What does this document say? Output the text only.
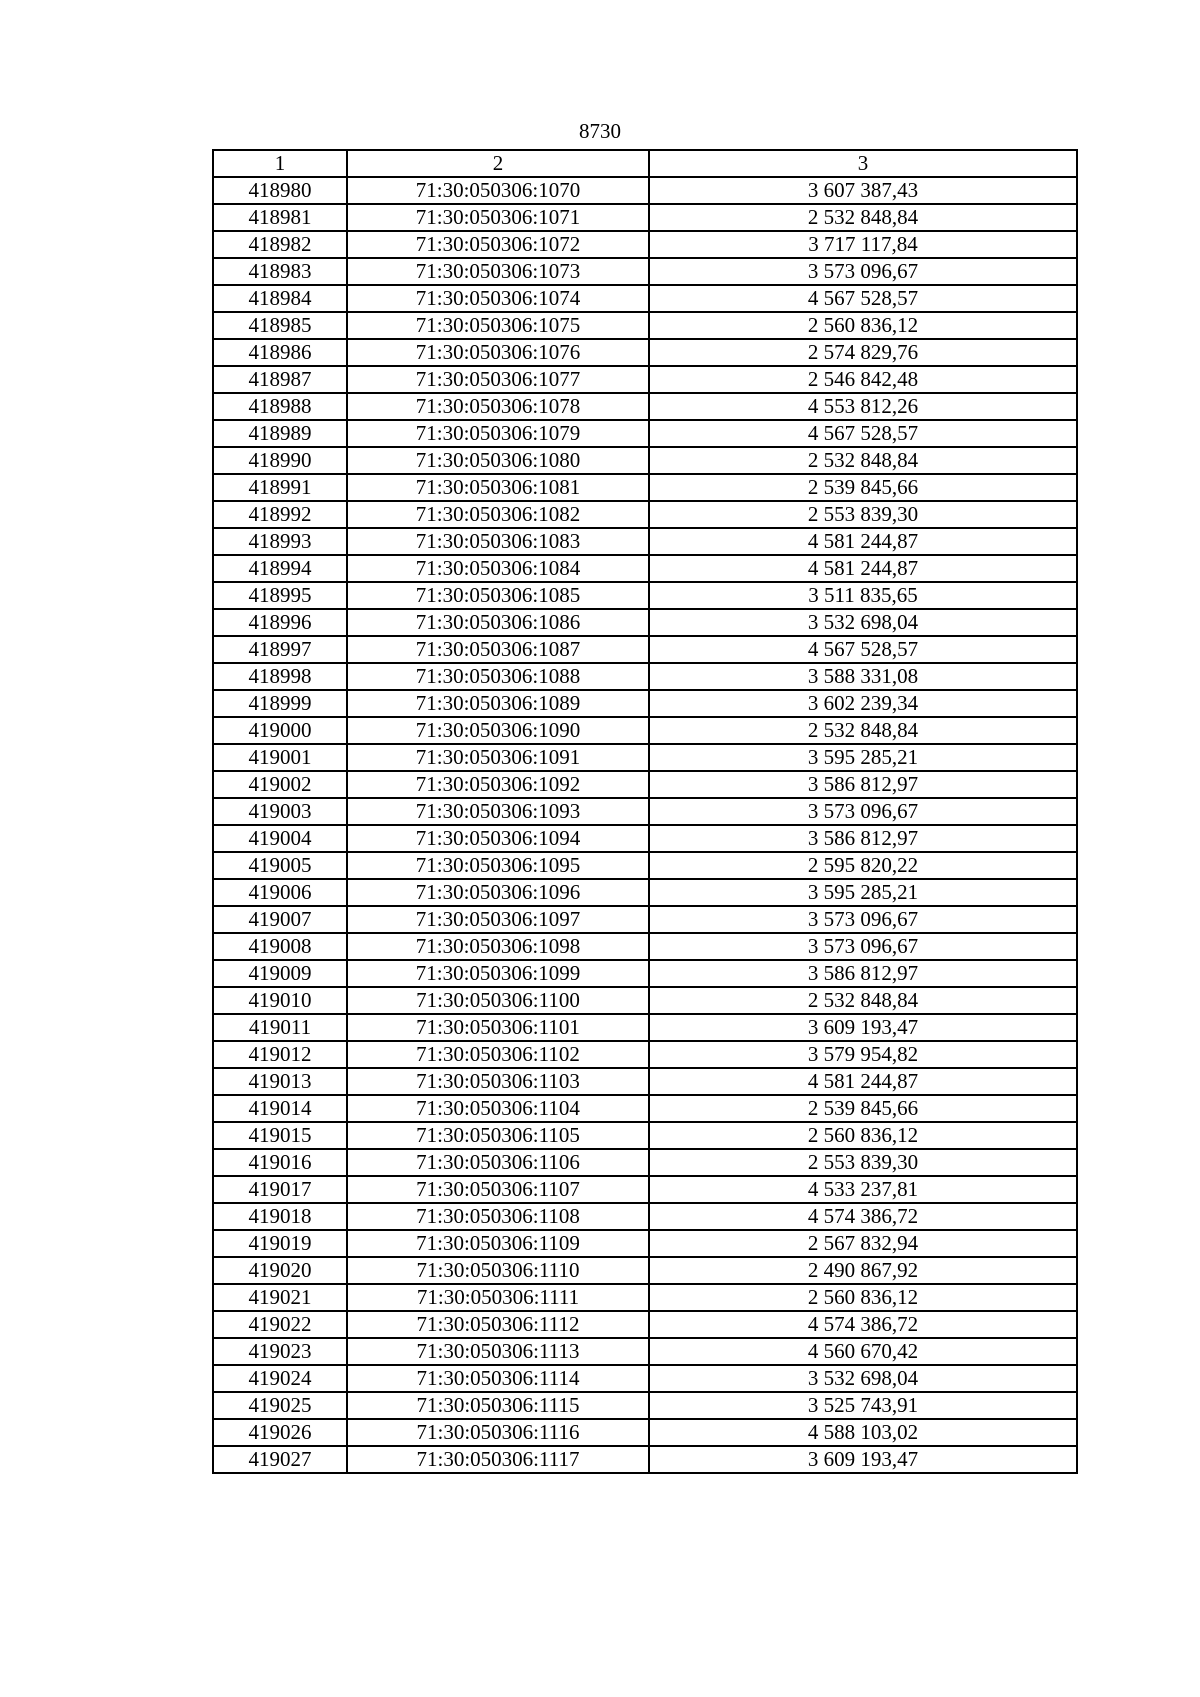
8730
1	2	3
418980	71:30:050306:1070	3 607 387,43
418981	71:30:050306:1071	2 532 848,84
418982	71:30:050306:1072	3 717 117,84
418983	71:30:050306:1073	3 573 096,67
418984	71:30:050306:1074	4 567 528,57
418985	71:30:050306:1075	2 560 836,12
418986	71:30:050306:1076	2 574 829,76
418987	71:30:050306:1077	2 546 842,48
418988	71:30:050306:1078	4 553 812,26
418989	71:30:050306:1079	4 567 528,57
418990	71:30:050306:1080	2 532 848,84
418991	71:30:050306:1081	2 539 845,66
418992	71:30:050306:1082	2 553 839,30
418993	71:30:050306:1083	4 581 244,87
418994	71:30:050306:1084	4 581 244,87
418995	71:30:050306:1085	3 511 835,65
418996	71:30:050306:1086	3 532 698,04
418997	71:30:050306:1087	4 567 528,57
418998	71:30:050306:1088	3 588 331,08
418999	71:30:050306:1089	3 602 239,34
419000	71:30:050306:1090	2 532 848,84
419001	71:30:050306:1091	3 595 285,21
419002	71:30:050306:1092	3 586 812,97
419003	71:30:050306:1093	3 573 096,67
419004	71:30:050306:1094	3 586 812,97
419005	71:30:050306:1095	2 595 820,22
419006	71:30:050306:1096	3 595 285,21
419007	71:30:050306:1097	3 573 096,67
419008	71:30:050306:1098	3 573 096,67
419009	71:30:050306:1099	3 586 812,97
419010	71:30:050306:1100	2 532 848,84
419011	71:30:050306:1101	3 609 193,47
419012	71:30:050306:1102	3 579 954,82
419013	71:30:050306:1103	4 581 244,87
419014	71:30:050306:1104	2 539 845,66
419015	71:30:050306:1105	2 560 836,12
419016	71:30:050306:1106	2 553 839,30
419017	71:30:050306:1107	4 533 237,81
419018	71:30:050306:1108	4 574 386,72
419019	71:30:050306:1109	2 567 832,94
419020	71:30:050306:1110	2 490 867,92
419021	71:30:050306:1111	2 560 836,12
419022	71:30:050306:1112	4 574 386,72
419023	71:30:050306:1113	4 560 670,42
419024	71:30:050306:1114	3 532 698,04
419025	71:30:050306:1115	3 525 743,91
419026	71:30:050306:1116	4 588 103,02
419027	71:30:050306:1117	3 609 193,47
